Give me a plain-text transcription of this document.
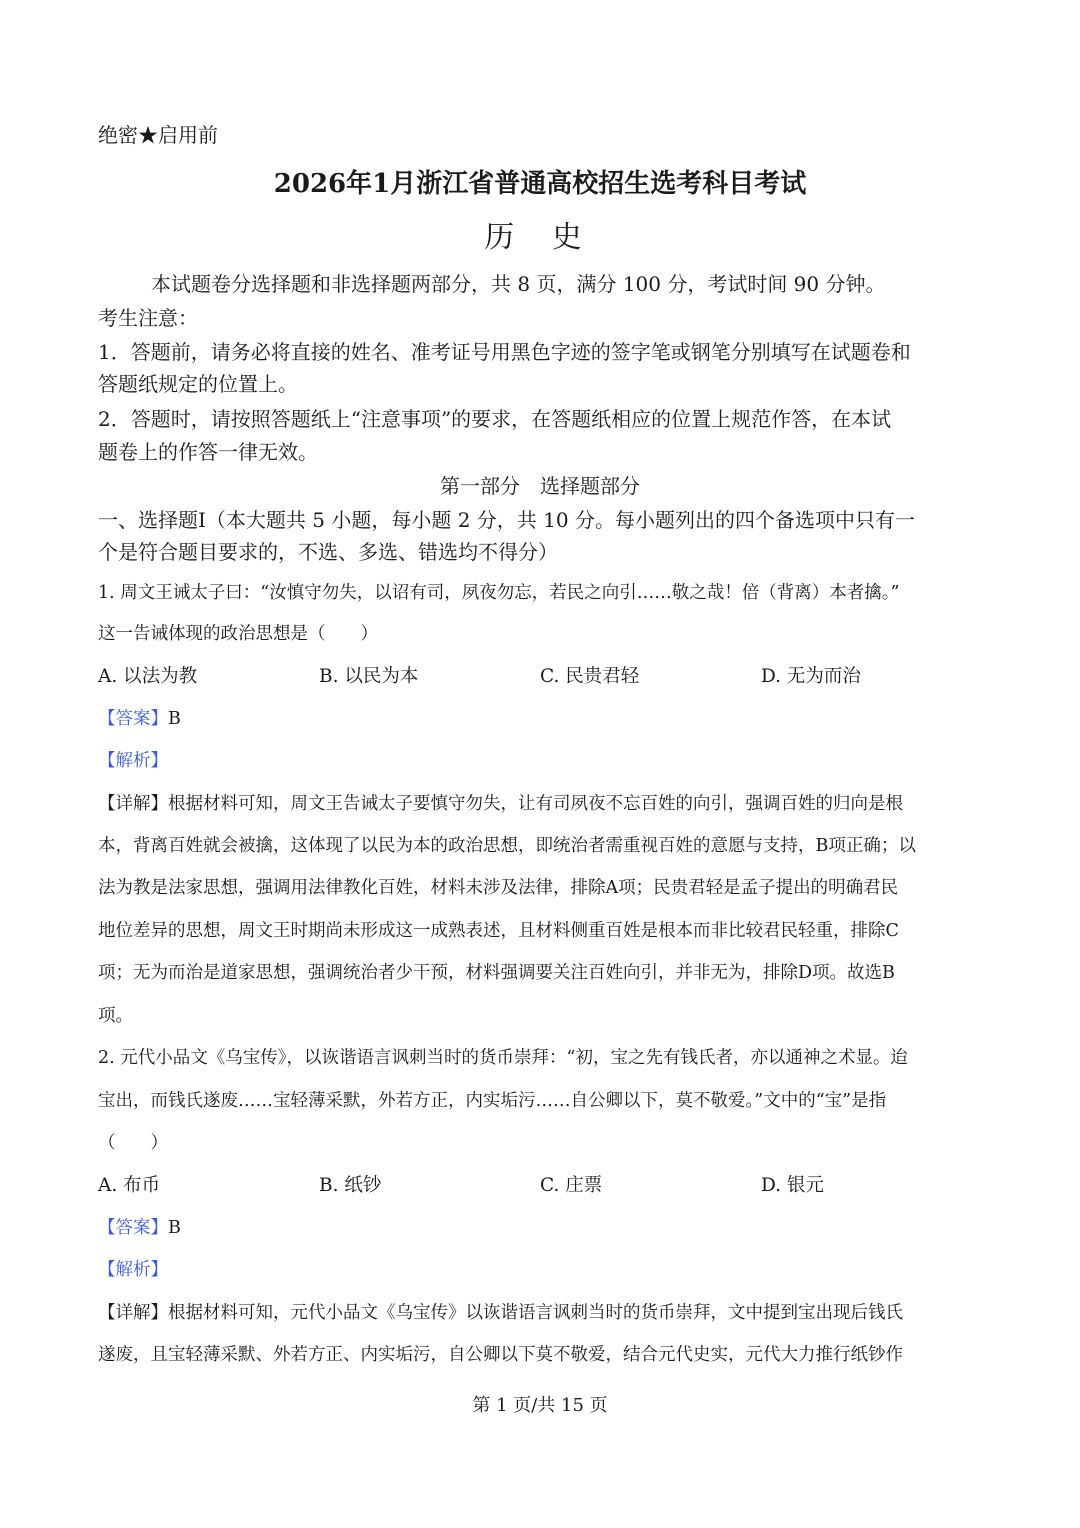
绝密★启用前
2026年1月浙江省普通高校招生选考科目考试
历 史
本试题卷分选择题和非选择题两部分，共 8 页，满分 100 分，考试时间 90 分钟。
考生注意：
1．答题前，请务必将直接的姓名、准考证号用黑色字迹的签字笔或钢笔分别填写在试题卷和
答题纸规定的位置上。
2．答题时，请按照答题纸上“注意事项”的要求，在答题纸相应的位置上规范作答，在本试
题卷上的作答一律无效。
第一部分　选择题部分
一、选择题Ⅰ（本大题共 5 小题，每小题 2 分，共 10 分。每小题列出的四个备选项中只有一
个是符合题目要求的，不选、多选、错选均不得分）
1. 周文王诫太子曰：“汝慎守勿失，以诏有司，夙夜勿忘，若民之向引……敬之哉！倍（背离）本者擒。”
这一告诫体现的政治思想是（　　）
A. 以法为教	B. 以民为本	C. 民贵君轻	D. 无为而治
【答案】B
【解析】
【详解】根据材料可知，周文王告诫太子要慎守勿失，让有司夙夜不忘百姓的向引，强调百姓的归向是根
本，背离百姓就会被擒，这体现了以民为本的政治思想，即统治者需重视百姓的意愿与支持，B项正确；以
法为教是法家思想，强调用法律教化百姓，材料未涉及法律，排除A项；民贵君轻是孟子提出的明确君民
地位差异的思想，周文王时期尚未形成这一成熟表述，且材料侧重百姓是根本而非比较君民轻重，排除C
项；无为而治是道家思想，强调统治者少干预，材料强调要关注百姓向引，并非无为，排除D项。故选B
项。
2. 元代小品文《乌宝传》，以诙谐语言讽刺当时的货币崇拜：“初，宝之先有钱氏者，亦以通神之术显。迨
宝出，而钱氏遂废……宝轻薄采默，外若方正，内实垢污……自公卿以下，莫不敬爱。”文中的“宝”是指
（　　）
A. 布币	B. 纸钞	C. 庄票	D. 银元
【答案】B
【解析】
【详解】根据材料可知，元代小品文《乌宝传》以诙谐语言讽刺当时的货币崇拜，文中提到宝出现后钱氏
遂废，且宝轻薄采默、外若方正、内实垢污，自公卿以下莫不敬爱，结合元代史实，元代大力推行纸钞作
第 1 页/共 15 页
